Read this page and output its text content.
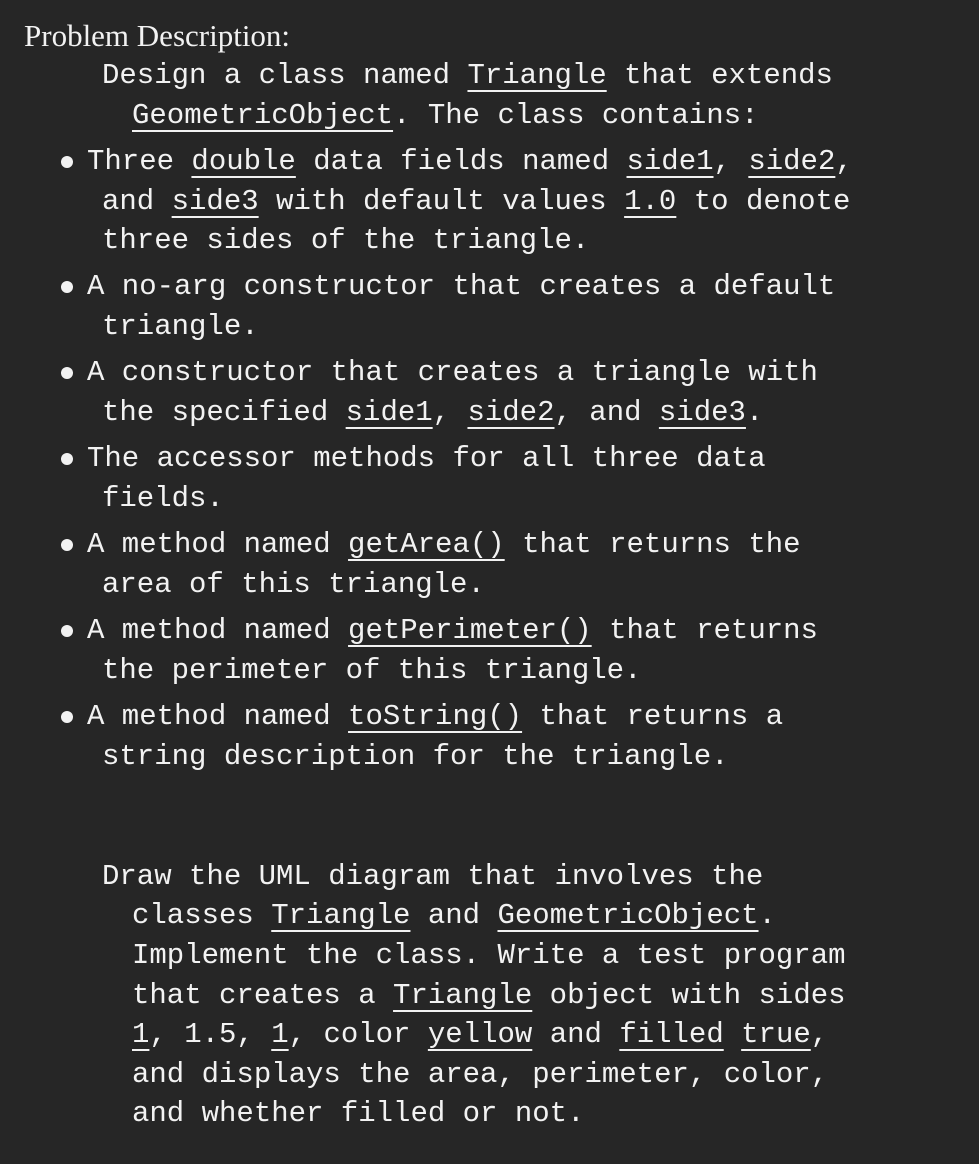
Problem Description:
Design a class named Triangle that extends
GeometricObject. The class contains:
Three double data fields named side1, side2,
and side3 with default values 1.0 to denote
three sides of the triangle.
A no-arg constructor that creates a default
triangle.
A constructor that creates a triangle with
the specified side1, side2, and side3.
The accessor methods for all three data
fields.
A method named getArea() that returns the
area of this triangle.
A method named getPerimeter() that returns
the perimeter of this triangle.
A method named toString() that returns a
string description for the triangle.
Draw the UML diagram that involves the
classes Triangle and GeometricObject.
Implement the class. Write a test program
that creates a Triangle object with sides
1, 1.5, 1, color yellow and filled true,
and displays the area, perimeter, color,
and whether filled or not.
